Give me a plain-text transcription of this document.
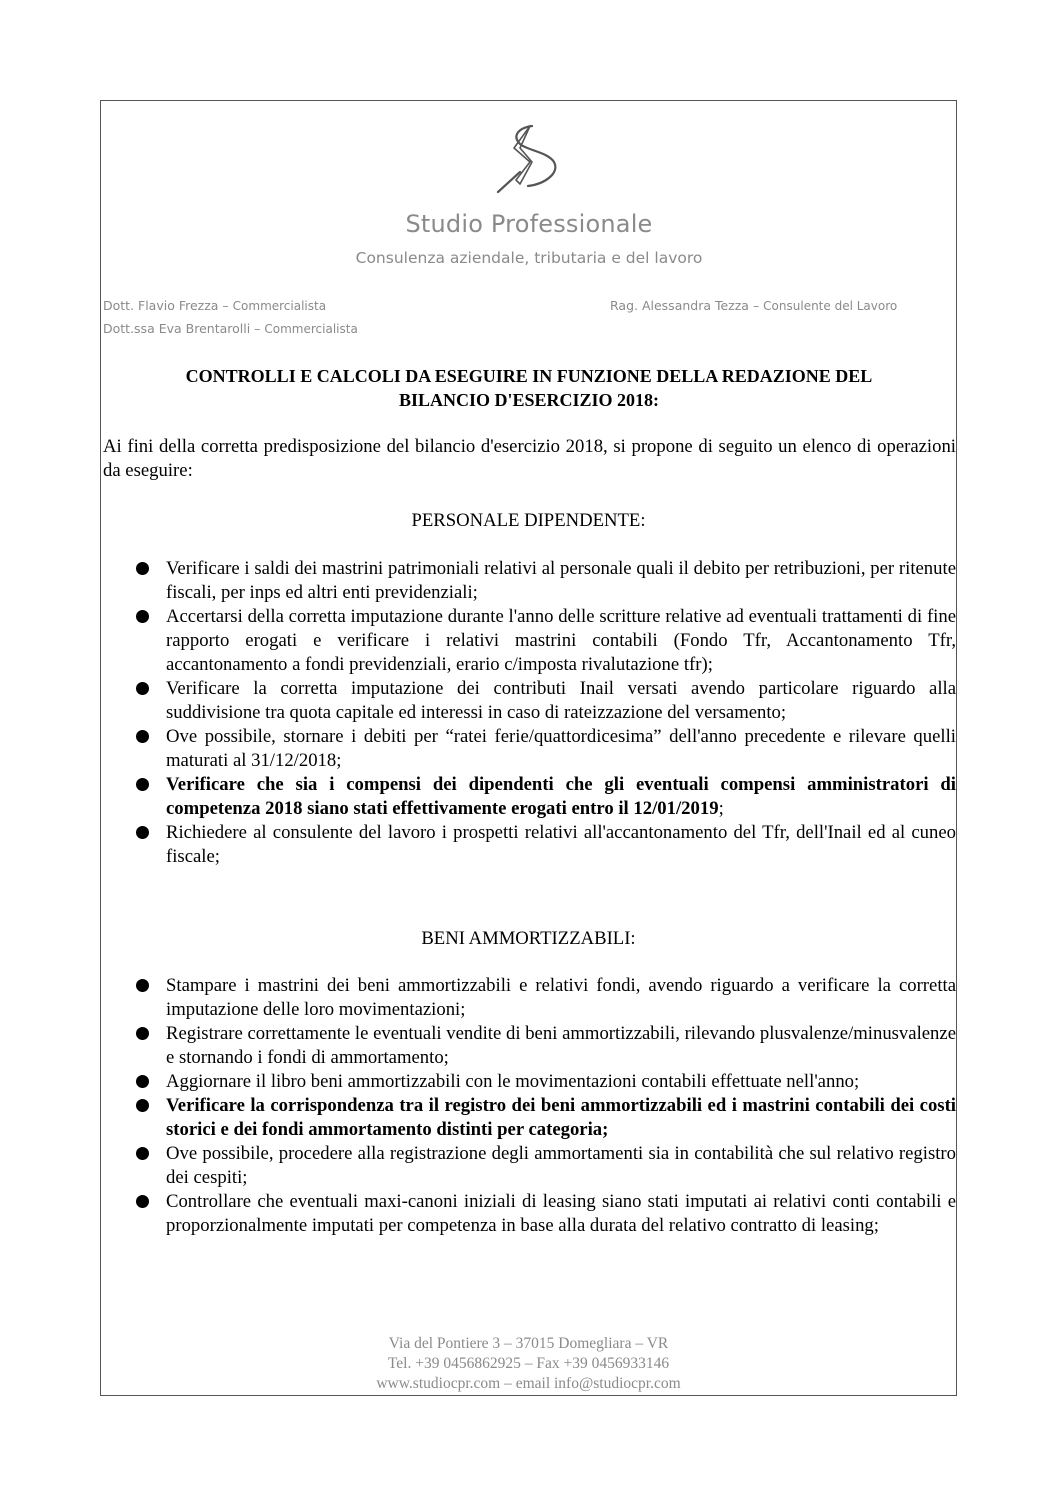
Studio Professionale
Consulenza aziendale, tributaria e del lavoro
Dott. Flavio Frezza – Commercialista
Dott.ssa Eva Brentarolli – Commercialista
Rag. Alessandra Tezza – Consulente del Lavoro
CONTROLLI E CALCOLI DA ESEGUIRE IN FUNZIONE DELLA REDAZIONE DEL
BILANCIO D'ESERCIZIO 2018:
Ai fini della corretta predisposizione del bilancio d'esercizio 2018, si propone di seguito un elenco di operazioni da eseguire:
PERSONALE DIPENDENTE:
Verificare i saldi dei mastrini patrimoniali relativi al personale quali il debito per retribuzioni, per ritenute fiscali, per inps ed altri enti previdenziali;
Accertarsi della corretta imputazione durante l'anno delle scritture relative ad eventuali trattamenti di fine rapporto erogati e verificare i relativi mastrini contabili (Fondo Tfr, Accantonamento Tfr, accantonamento a fondi previdenziali, erario c/imposta rivalutazione tfr);
Verificare la corretta imputazione dei contributi Inail versati avendo particolare riguardo alla suddivisione tra quota capitale ed interessi in caso di rateizzazione del versamento;
Ove possibile, stornare i debiti per “ratei ferie/quattordicesima” dell'anno precedente e rilevare quelli maturati al 31/12/2018;
Verificare che sia i compensi dei dipendenti che gli eventuali compensi amministratori di competenza 2018 siano stati effettivamente erogati entro il 12/01/2019;
Richiedere al consulente del lavoro i prospetti relativi all'accantonamento del Tfr, dell'Inail ed al cuneo fiscale;
BENI AMMORTIZZABILI:
Stampare i mastrini dei beni ammortizzabili e relativi fondi, avendo riguardo a verificare la corretta imputazione delle loro movimentazioni;
Registrare correttamente le eventuali vendite di beni ammortizzabili, rilevando plusvalenze/minusvalenze e stornando i fondi di ammortamento;
Aggiornare il libro beni ammortizzabili con le movimentazioni contabili effettuate nell'anno;
Verificare la corrispondenza tra il registro dei beni ammortizzabili ed i mastrini contabili dei costi storici e dei fondi ammortamento distinti per categoria;
Ove possibile, procedere alla registrazione degli ammortamenti sia in contabilità che sul relativo registro dei cespiti;
Controllare che eventuali maxi-canoni iniziali di leasing siano stati imputati ai relativi conti contabili e proporzionalmente imputati per competenza in base alla durata del relativo contratto di leasing;
Via del Pontiere 3 – 37015 Domegliara – VR
Tel. +39 0456862925 – Fax +39 0456933146
www.studiocpr.com – email info@studiocpr.com
